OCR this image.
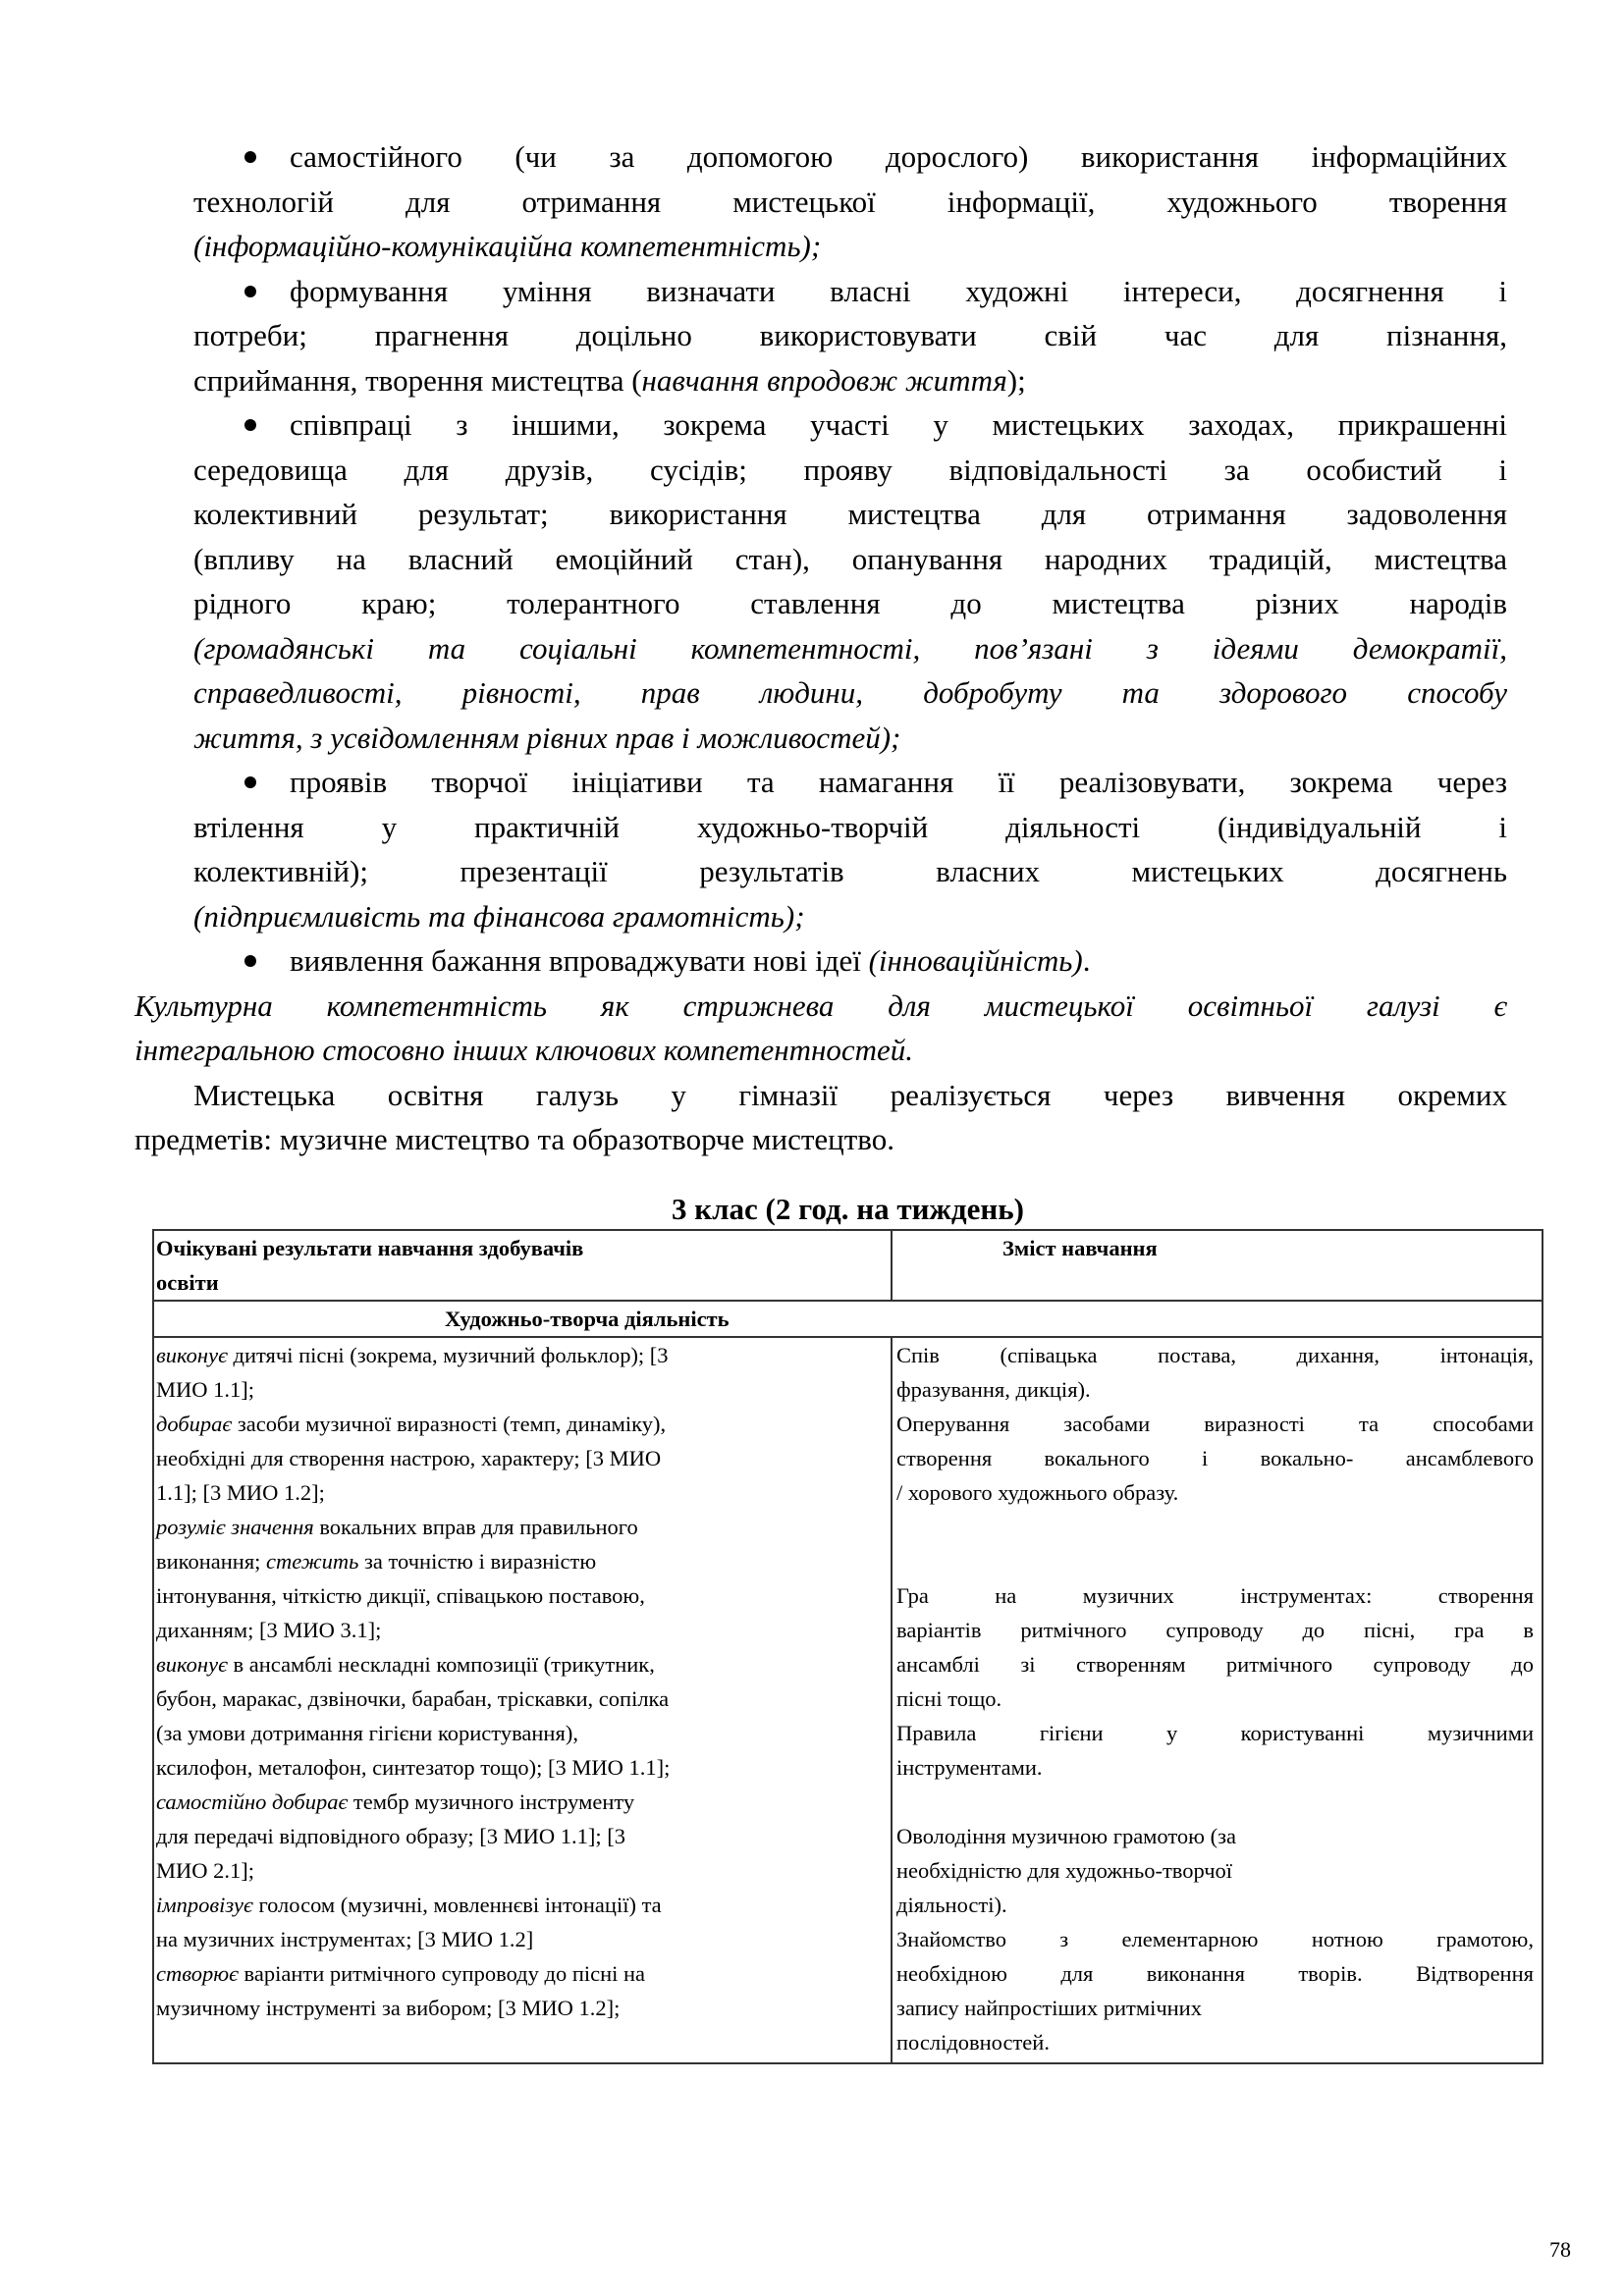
самостійного (чи за допомогою дорослого) використання інформаційних
технологій для отримання мистецької інформації, художнього творення
(інформаційно-комунікаційна компетентність);
формування уміння визначати власні художні інтереси, досягнення і
потреби; прагнення доцільно використовувати свій час для пізнання,
сприймання, творення мистецтва (навчання впродовж життя);
співпраці з іншими, зокрема участі у мистецьких заходах, прикрашенні
середовища для друзів, сусідів; прояву відповідальності за особистий і
колективний результат; використання мистецтва для отримання задоволення
(впливу на власний емоційний стан), опанування народних традицій, мистецтва
рідного краю; толерантного ставлення до мистецтва різних народів
(громадянські та соціальні компетентності, пов’язані з ідеями демократії,
справедливості, рівності, прав людини, добробуту та здорового способу
життя, з усвідомленням рівних прав і можливостей);
проявів творчої ініціативи та намагання її реалізовувати, зокрема через
втілення у практичній художньо-творчій діяльності (індивідуальній і
колективній); презентації результатів власних мистецьких досягнень
(підприємливість та фінансова грамотність);
виявлення бажання впроваджувати нові ідеї (інноваційність).
Культурна компетентність як стрижнева для мистецької освітньої галузі є
інтегральною стосовно інших ключових компетентностей.
Мистецька освітня галузь у гімназії реалізується через вивчення окремих
предметів: музичне мистецтво та образотворче мистецтво.
3 клас (2 год. на тиждень)
Очікувані результати навчання здобувачів
освіти
Зміст навчання
Художньо-творча діяльність
виконує дитячі пісні (зокрема, музичний фольклор); [3
МИО 1.1];
добирає засоби музичної виразності (темп, динаміку),
необхідні для створення настрою, характеру; [3 МИО
1.1]; [3 МИО 1.2];
розуміє значення вокальних вправ для правильного
виконання; стежить за точністю і виразністю
інтонування, чіткістю дикції, співацькою поставою,
диханням; [3 МИО 3.1];
виконує в ансамблі нескладні композиції (трикутник,
бубон, маракас, дзвіночки, барабан, тріскавки, сопілка
(за умови дотримання гігієни користування),
ксилофон, металофон, синтезатор тощо); [3 МИО 1.1];
самостійно добирає тембр музичного інструменту
для передачі відповідного образу; [3 МИО 1.1]; [3
МИО 2.1];
імпровізує голосом (музичні, мовленнєві інтонації) та
на музичних інструментах; [3 МИО 1.2]
створює варіанти ритмічного супроводу до пісні на
музичному інструменті за вибором; [3 МИО 1.2];
Спів (співацька постава, дихання, інтонація,
фразування, дикція).
Оперування засобами виразності та способами
створення вокального і вокально- ансамблевого
/ хорового художнього образу.
Гра на музичних інструментах: створення
варіантів ритмічного супроводу до пісні, гра в
ансамблі зі створенням ритмічного супроводу до
пісні тощо.
Правила гігієни у користуванні музичними
інструментами.
Оволодіння музичною грамотою (за
необхідністю для художньо-творчої
діяльності).
Знайомство з елементарною нотною грамотою,
необхідною для виконання творів. Відтворення
запису найпростіших ритмічних
послідовностей.
78
